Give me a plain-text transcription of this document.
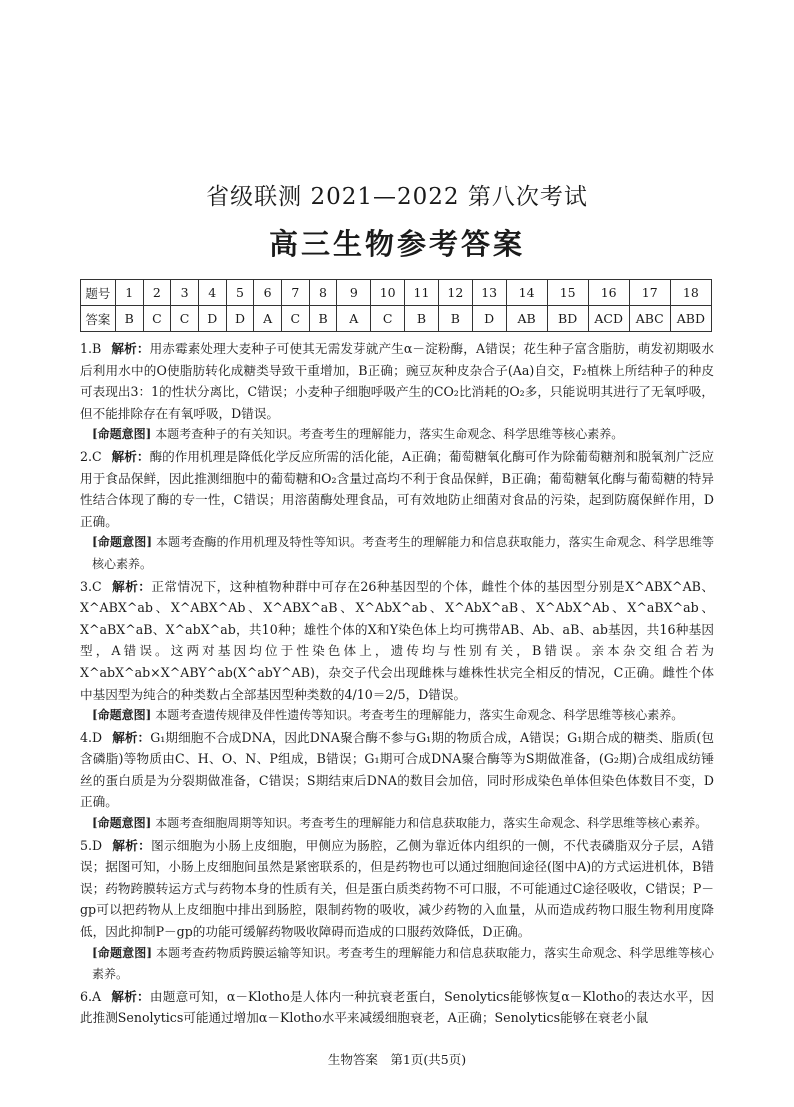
省级联测 2021—2022 第八次考试
高三生物参考答案
题号	1	2	3	4	5	6	7	8	9	10	11	12	13	14	15	16	17	18
答案	B	C	C	D	D	A	C	B	A	C	B	B	D	AB	BD	ACD	ABC	ABD

1.B 解析：用赤霉素处理大麦种子可使其无需发芽就产生α－淀粉酶，A错误；花生种子富含脂肪，萌发初期吸水后利用水中的O使脂肪转化成糖类导致干重增加，B正确；豌豆灰种皮杂合子(Aa)自交，F₂植株上所结种子的种皮可表现出3：1的性状分离比，C错误；小麦种子细胞呼吸产生的CO₂比消耗的O₂多，只能说明其进行了无氧呼吸，但不能排除存在有氧呼吸，D错误。

[命题意图] 本题考查种子的有关知识。考查考生的理解能力，落实生命观念、科学思维等核心素养。

2.C 解析：酶的作用机理是降低化学反应所需的活化能，A正确；葡萄糖氧化酶可作为除葡萄糖剂和脱氧剂广泛应用于食品保鲜，因此推测细胞中的葡萄糖和O₂含量过高均不利于食品保鲜，B正确；葡萄糖氧化酶与葡萄糖的特异性结合体现了酶的专一性，C错误；用溶菌酶处理食品，可有效地防止细菌对食品的污染，起到防腐保鲜作用，D正确。

[命题意图] 本题考查酶的作用机理及特性等知识。考查考生的理解能力和信息获取能力，落实生命观念、科学思维等核心素养。

3.C 解析：正常情况下，这种植物种群中可存在26种基因型的个体，雌性个体的基因型分别是X^ABX^AB、X^ABX^ab、X^ABX^Ab、X^ABX^aB、X^AbX^ab、X^AbX^aB、X^AbX^Ab、X^aBX^ab、X^aBX^aB、X^abX^ab，共10种；雄性个体的X和Y染色体上均可携带AB、Ab、aB、ab基因，共16种基因型，A错误。这两对基因均位于性染色体上，遗传均与性别有关，B错误。亲本杂交组合若为X^abX^ab×X^ABY^ab(X^abY^AB)，杂交子代会出现雌株与雄株性状完全相反的情况，C正确。雌性个体中基因型为纯合的种类数占全部基因型种类数的4/10＝2/5，D错误。

[命题意图] 本题考查遗传规律及伴性遗传等知识。考查考生的理解能力，落实生命观念、科学思维等核心素养。

4.D 解析：G₁期细胞不合成DNA，因此DNA聚合酶不参与G₁期的物质合成，A错误；G₁期合成的糖类、脂质(包含磷脂)等物质由C、H、O、N、P组成，B错误；G₁期可合成DNA聚合酶等为S期做准备，(G₂期)合成组成纺锤丝的蛋白质是为分裂期做准备，C错误；S期结束后DNA的数目会加倍，同时形成染色单体但染色体数目不变，D正确。

[命题意图] 本题考查细胞周期等知识。考查考生的理解能力和信息获取能力，落实生命观念、科学思维等核心素养。

5.D 解析：图示细胞为小肠上皮细胞，甲侧应为肠腔，乙侧为靠近体内组织的一侧，不代表磷脂双分子层，A错误；据图可知，小肠上皮细胞间虽然是紧密联系的，但是药物也可以通过细胞间途径(图中A)的方式运进机体，B错误；药物跨膜转运方式与药物本身的性质有关，但是蛋白质类药物不可口服，不可能通过C途径吸收，C错误；P－gp可以把药物从上皮细胞中排出到肠腔，限制药物的吸收，减少药物的入血量，从而造成药物口服生物利用度降低，因此抑制P－gp的功能可缓解药物吸收障碍而造成的口服药效降低，D正确。

[命题意图] 本题考查药物质跨膜运输等知识。考查考生的理解能力和信息获取能力，落实生命观念、科学思维等核心素养。

6.A 解析：由题意可知，α－Klotho是人体内一种抗衰老蛋白，Senolytics能够恢复α－Klotho的表达水平，因此推测Senolytics可能通过增加α－Klotho水平来减缓细胞衰老，A正确；Senolytics能够在衰老小鼠

生物答案　第1页(共5页)
